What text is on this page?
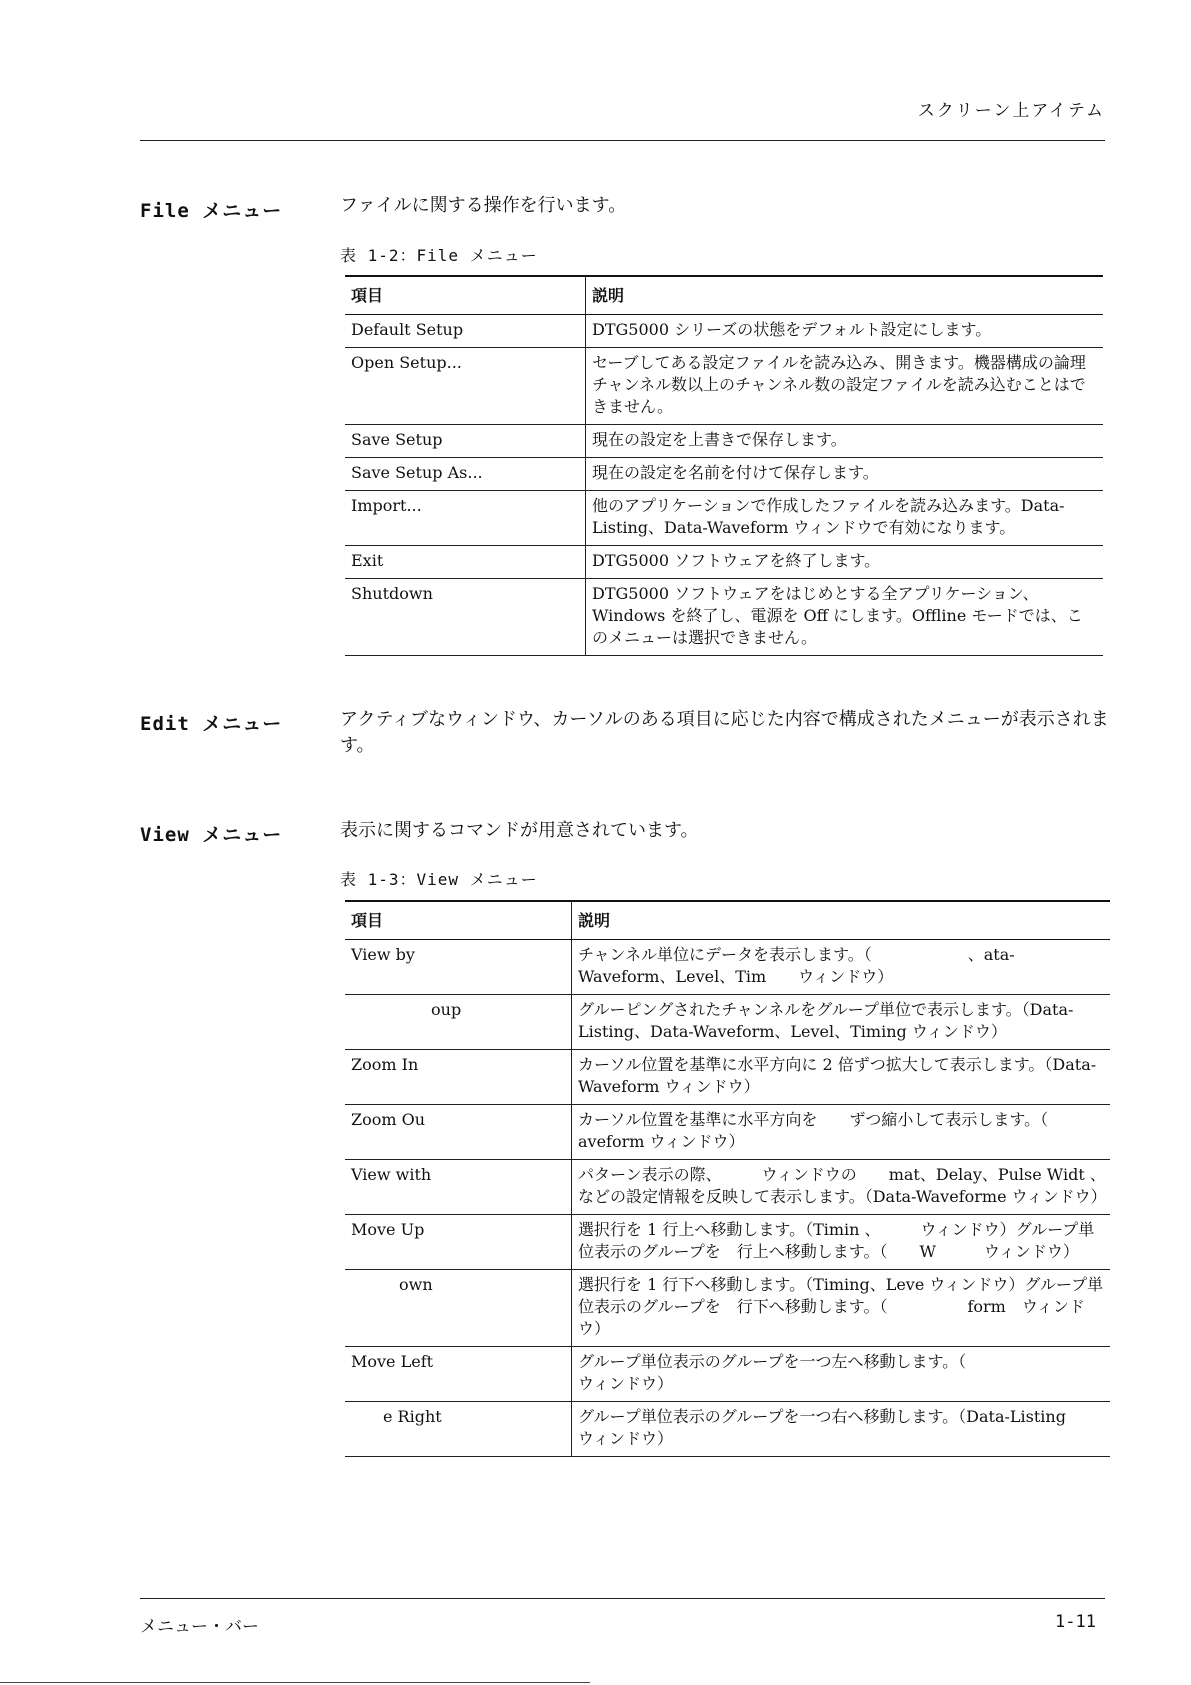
スクリーン上アイテム
File メニュー	ファイルに関する操作を行います。
表 1-2：File メニュー
項目	説明
Default Setup	DTG5000 シリーズの状態をデフォルト設定にします。
Open Setup...	セーブしてある設定ファイルを読み込み、開きます。機器構成の論理チャンネル数以上のチャンネル数の設定ファイルを読み込むことはできません。
Save Setup	現在の設定を上書きで保存します。
Save Setup As...	現在の設定を名前を付けて保存します。
Import...	他のアプリケーションで作成したファイルを読み込みます。Data-Listing、Data-Waveform ウィンドウで有効になります。
Exit	DTG5000 ソフトウェアを終了します。
Shutdown	DTG5000 ソフトウェアをはじめとする全アプリケーション、Windows を終了し、電源を Off にします。Offline モードでは、このメニューは選択できません。
Edit メニュー	アクティブなウィンドウ、カーソルのある項目に応じた内容で構成されたメニューが表示されます。
View メニュー	表示に関するコマンドが用意されています。
表 1-3：View メニュー
項目	説明
View by	チャンネル単位にデータを表示します。（　　　　　　、ata-Waveform、Level、Tim　　ウィンドウ）
　　　　　oup	グルーピングされたチャンネルをグループ単位で表示します。（Data-Listing、Data-Waveform、Level、Timing ウィンドウ）
Zoom In	カーソル位置を基準に水平方向に 2 倍ずつ拡大して表示します。（Data-Waveform ウィンドウ）
Zoom Ou	カーソル位置を基準に水平方向を　　ずつ縮小して表示します。（　　　aveform ウィンドウ）
View with	パターン表示の際、　　　ウィンドウの　　mat、Delay、Pulse Widt 、　　　などの設定情報を反映して表示します。（Data-Waveforme ウィンドウ）
Move Up	選択行を 1 行上へ移動します。（Timin 、　　　ウィンドウ）グループ単位表示のグループを　行上へ移動します。（　　W　　　ウィンドウ）
　　　own	選択行を 1 行下へ移動します。（Timing、Leve ウィンドウ）グループ単位表示のグループを　行下へ移動します。（　　　　　form　ウィンドウ）
Move Left	グループ単位表示のグループを一つ左へ移動します。（　　　　　　　　ウィンドウ）
　　e Right	グループ単位表示のグループを一つ右へ移動します。（Data-Listing　　　ウィンドウ）
メニュー・バー	1-11
